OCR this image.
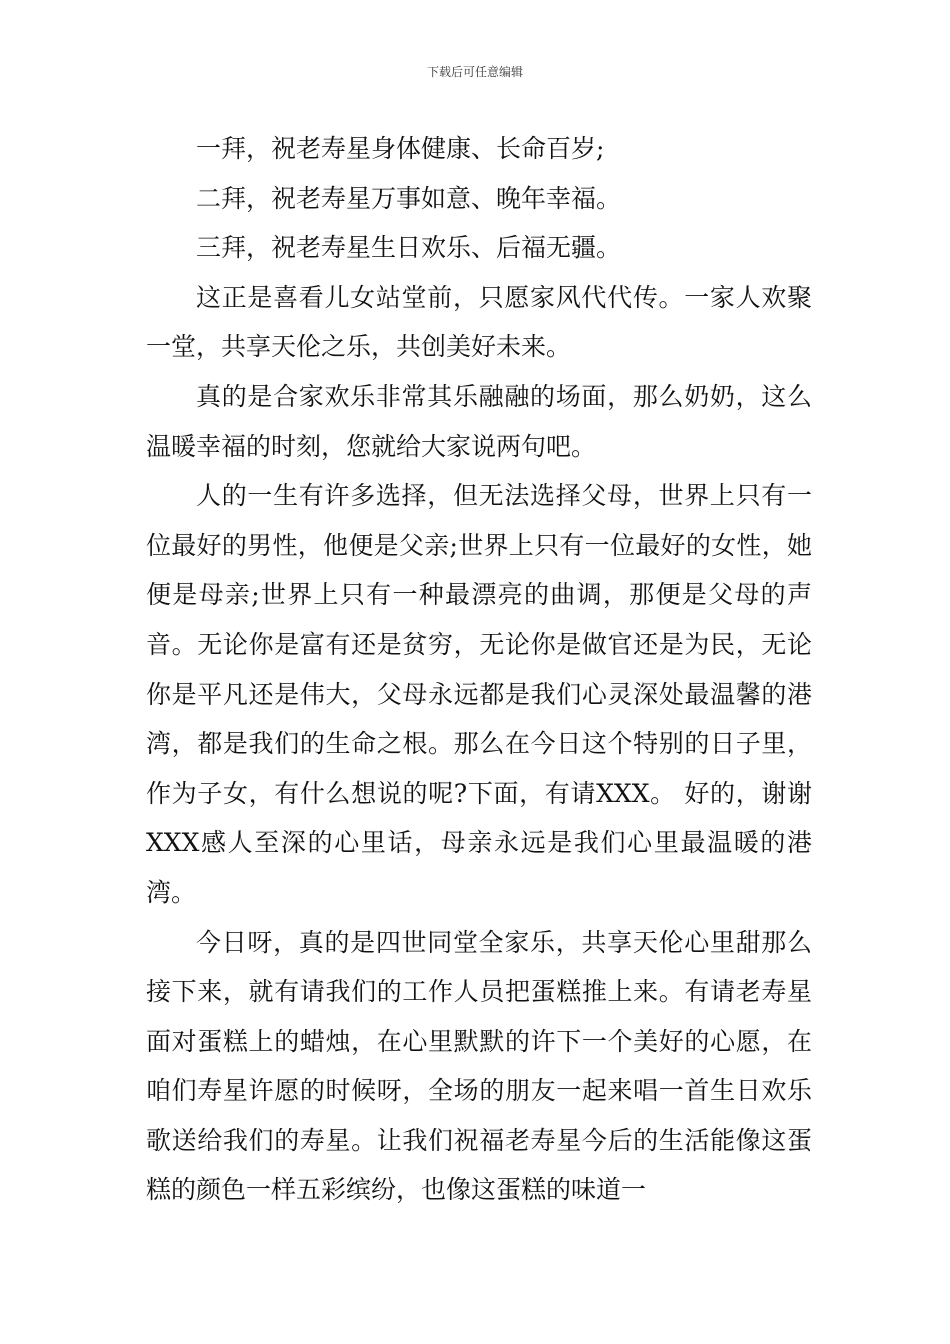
下载后可任意编辑

一拜，祝老寿星身体健康、长命百岁;

二拜，祝老寿星万事如意、晚年幸福。

三拜，祝老寿星生日欢乐、后福无疆。

这正是喜看儿女站堂前，只愿家风代代传。一家人欢聚一堂，共享天伦之乐，共创美好未来。

真的是合家欢乐非常其乐融融的场面，那么奶奶，这么温暖幸福的时刻，您就给大家说两句吧。

人的一生有许多选择，但无法选择父母，世界上只有一位最好的男性，他便是父亲;世界上只有一位最好的女性，她便是母亲;世界上只有一种最漂亮的曲调，那便是父母的声音。无论你是富有还是贫穷，无论你是做官还是为民，无论你是平凡还是伟大，父母永远都是我们心灵深处最温馨的港湾，都是我们的生命之根。那么在今日这个特别的日子里，作为子女，有什么想说的呢?下面，有请XXX。 好的，谢谢XXX感人至深的心里话，母亲永远是我们心里最温暖的港湾。

今日呀，真的是四世同堂全家乐，共享天伦心里甜那么接下来，就有请我们的工作人员把蛋糕推上来。有请老寿星面对蛋糕上的蜡烛，在心里默默的许下一个美好的心愿，在咱们寿星许愿的时候呀，全场的朋友一起来唱一首生日欢乐歌送给我们的寿星。让我们祝福老寿星今后的生活能像这蛋糕的颜色一样五彩缤纷，也像这蛋糕的味道一
